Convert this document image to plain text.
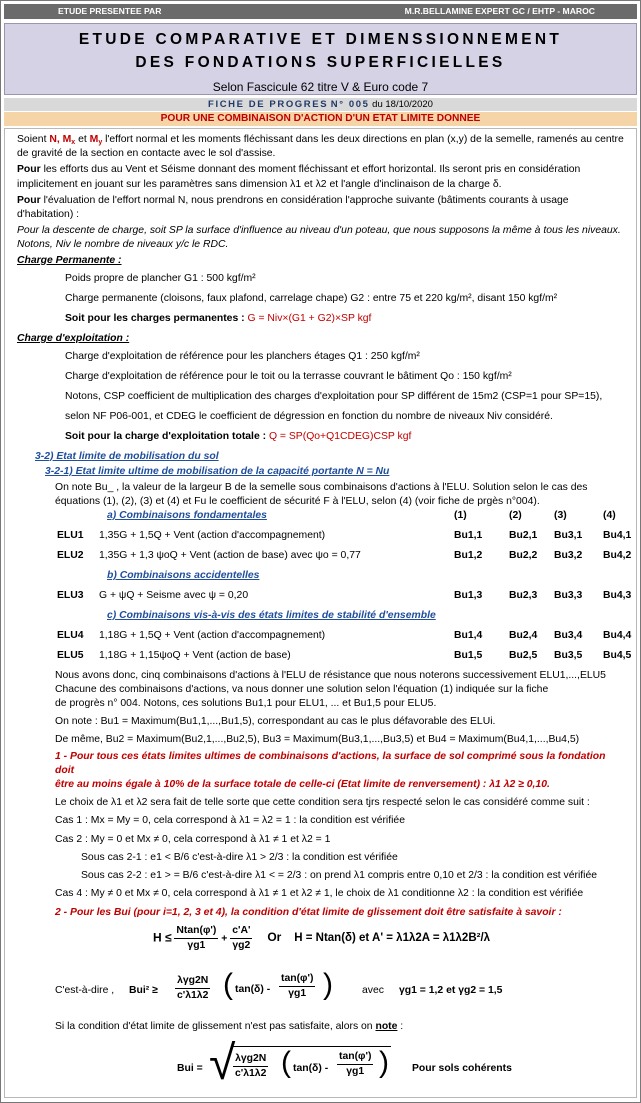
ETUDE PRESENTEE PAR	M.R.BELLAMINE EXPERT GC / EHTP - MAROC
ETUDE COMPARATIVE ET DIMENSSIONNEMENT
DES FONDATIONS SUPERFICIELLES
Selon Fascicule 62 titre V & Euro code 7
FICHE DE PROGRES N° 005 du 18/10/2020
POUR UNE COMBINAISON D'ACTION D'UN ETAT LIMITE DONNEE
Soient N, $M_x$ et $M_y$ l'effort normal et les moments fléchissant dans les deux directions en plan (x,y) de la semelle, ramenés au centre de gravité de la section en contacte avec le sol d'assise.
Pour les efforts dus au Vent et Séisme donnant des moment fléchissant et effort horizontal. Ils seront pris en considération implicitement en jouant sur les paramètres sans dimension λ1 et λ2 et l'angle d'inclinaison de la charge δ.
Pour l'évaluation de l'effort normal N, nous prendrons en considération l'approche suivante (bâtiments courants à usage d'habitation) :
Pour la descente de charge, soit SP la surface d'influence au niveau d'un poteau, que nous supposons la même à tous les niveaux. Notons, Niv le nombre de niveaux y/c le RDC.
Charge Permanente :
Poids propre de plancher G1 : 500 kgf/m²
Charge permanente (cloisons, faux plafond, carrelage chape) G2 : entre 75 et 220 kg/m², disant 150 kgf/m²
Soit pour les charges permanentes : G = Niv×(G1 + G2)×SP kgf
Charge d'exploitation :
Charge d'exploitation de référence pour les planchers étages Q1 : 250 kgf/m²
Charge d'exploitation de référence pour le toit ou la terrasse couvrant le bâtiment Qo : 150 kgf/m²
Notons, CSP coefficient de multiplication des charges d'exploitation pour SP différent de 15m2 (CSP=1 pour SP=15),
selon NF P06-001, et CDEG le coefficient de dégression en fonction du nombre de niveaux Niv considéré.
Soit pour la charge d'exploitation totale : Q = SP(Qo+Q1CDEG)CSP kgf
3-2) Etat limite de mobilisation du sol
3-2-1) Etat limite ultime de mobilisation de la capacité portante N = Nu
On note Bu_ , la valeur de la largeur B de la semelle sous combinaisons d'actions à l'ELU. Solution selon le cas des
équations (1), (2), (3) et (4) et Fu le coefficient de sécurité F à l'ELU, selon (4) (voir fiche de prgès n°004).
a) Combinaisons fondamentales	(1)	(2)	(3)	(4)
ELU1 1,35G + 1,5Q + Vent (action d'accompagnement)	Bu1,1	Bu2,1 Bu3,1 Bu4,1
ELU2 1,35G + 1,3 ψoQ + Vent (action de base) avec ψo = 0,77	Bu1,2	Bu2,2 Bu3,2 Bu4,2
b) Combinaisons accidentelles
ELU3 G + ψQ + Seisme avec ψ = 0,20	Bu1,3	Bu2,3 Bu3,3 Bu4,3
c) Combinaisons vis-à-vis des états limites de stabilité d'ensemble
ELU4 1,18G + 1,5Q + Vent (action d'accompagnement)	Bu1,4	Bu2,4 Bu3,4 Bu4,4
ELU5 1,18G + 1,15ψoQ + Vent (action de base)	Bu1,5	Bu2,5 Bu3,5 Bu4,5
Nous avons donc, cinq combinaisons d'actions à l'ELU de résistance que nous noterons successivement ELU1,...,ELU5
Chacune des combinaisons d'actions, va nous donner une solution selon l'équation (1) indiquée sur la fiche
de progrès n° 004. Notons, ces solutions Bu1,1 pour ELU1, ... et Bu1,5 pour ELU5.
On note : Bu1 = Maximum(Bu1,1,...,Bu1,5), correspondant au cas le plus défavorable des ELUi.
De même, Bu2 = Maximum(Bu2,1,...,Bu2,5), Bu3 = Maximum(Bu3,1,...,Bu3,5) et Bu4 = Maximum(Bu4,1,...,Bu4,5)
1 - Pour tous ces états limites ultimes de combinaisons d'actions, la surface de sol comprimé sous la fondation doit
être au moins égale à 10% de la surface totale de celle-ci (Etat limite de renversement) : λ1 λ2 ≥ 0,10.
Le choix de λ1 et λ2 sera fait de telle sorte que cette condition sera tjrs respecté selon le cas considéré comme suit :
Cas 1 : Mx = My = 0, cela correspond à λ1 = λ2 = 1 : la condition est vérifiée
Cas 2 : My = 0 et Mx ≠ 0, cela correspond à λ1 ≠ 1 et λ2 = 1
Sous cas 2-1 : e1 < B/6 c'est-à-dire λ1 > 2/3 : la condition est vérifiée
Sous cas 2-2 : e1 > = B/6 c'est-à-dire λ1 < = 2/3 : on prend λ1 compris entre 0,10 et 2/3 : la condition est vérifiée
Cas 4 : My ≠ 0 et Mx ≠ 0, cela correspond à λ1 ≠ 1 et λ2 ≠ 1, le choix de λ1 conditionne λ2 : la condition est vérifiée
2 - Pour les Bui (pour i=1, 2, 3 et 4), la condition d'état limite de glissement doit être satisfaite à savoir :
$H \le \frac{Ntan(\varphi')}{\gamma g1} + \frac{c'A'}{\gamma g2}$ Or H = Ntan(δ) et A' = λ1λ2A = λ1λ2B²/λ
C'est-à-dire , Bui² ≥
λγg2N
c'λ1λ2 ( $\tan(\delta) - \frac{\tan(\varphi')}{\gamma g1}$ )	avec γg1 = 1,2 et γg2 = 1,5
Si la condition d'état limite de glissement n'est pas satisfaite, alors on note :
Bui = √ λγg2N
c'λ1λ2 ( $\tan(\delta) - \frac{\tan(\varphi')}{\gamma g1}$ ) Pour sols cohérents
